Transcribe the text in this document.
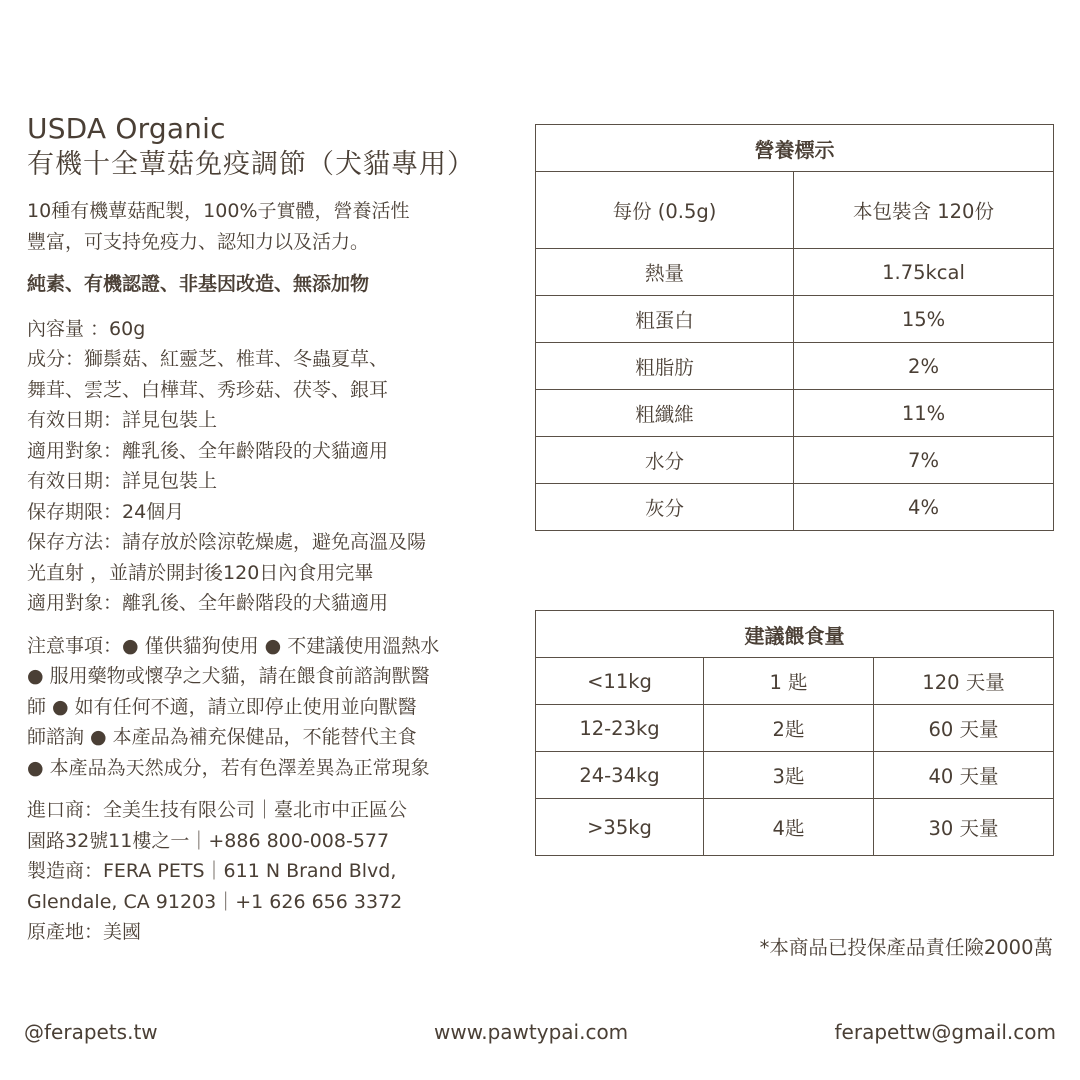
USDA Organic
有機十全蕈菇免疫調節（犬貓專用）

10種有機蕈菇配製，100%子實體，營養活性

豐富，可支持免疫力、認知力以及活力。

純素、有機認證、非基因改造、無添加物

內容量 ：60g

成分：獅鬃菇、紅靈芝、椎茸、冬蟲夏草、

舞茸、雲芝、白樺茸、秀珍菇、茯苓、銀耳

有效日期：詳見包裝上

適用對象：離乳後、全年齡階段的犬貓適用

有效日期：詳見包裝上

保存期限：24個月

保存方法：請存放於陰涼乾燥處，避免高溫及陽

光直射 ，並請於開封後120日內食用完畢

適用對象：離乳後、全年齡階段的犬貓適用

注意事項：● 僅供貓狗使用 ● 不建議使用溫熱水

● 服用藥物或懷孕之犬貓，請在餵食前諮詢獸醫

師 ● 如有任何不適，請立即停止使用並向獸醫

師諮詢 ● 本產品為補充保健品，不能替代主食

● 本產品為天然成分，若有色澤差異為正常現象

進口商：全美生技有限公司｜臺北市中正區公

園路32號11樓之一｜+886 800-008-577

製造商：FERA PETS｜611 N Brand Blvd,

Glendale, CA 91203｜+1 626 656 3372

原產地：美國

營養標示	
每份 (0.5g)	本包裝含 120份
熱量	1.75kcal
粗蛋白	15%
粗脂肪	2%
粗纖維	11%
水分	7%
灰分	4%
建議餵食量		
<11kg	1 匙	120 天量
12-23kg	2匙	60 天量
24-34kg	3匙	40 天量
>35kg	4匙	30 天量
*本商品已投保產品責任險2000萬
@ferapets.tw	www.pawtypai.com	ferapettw@gmail.com
